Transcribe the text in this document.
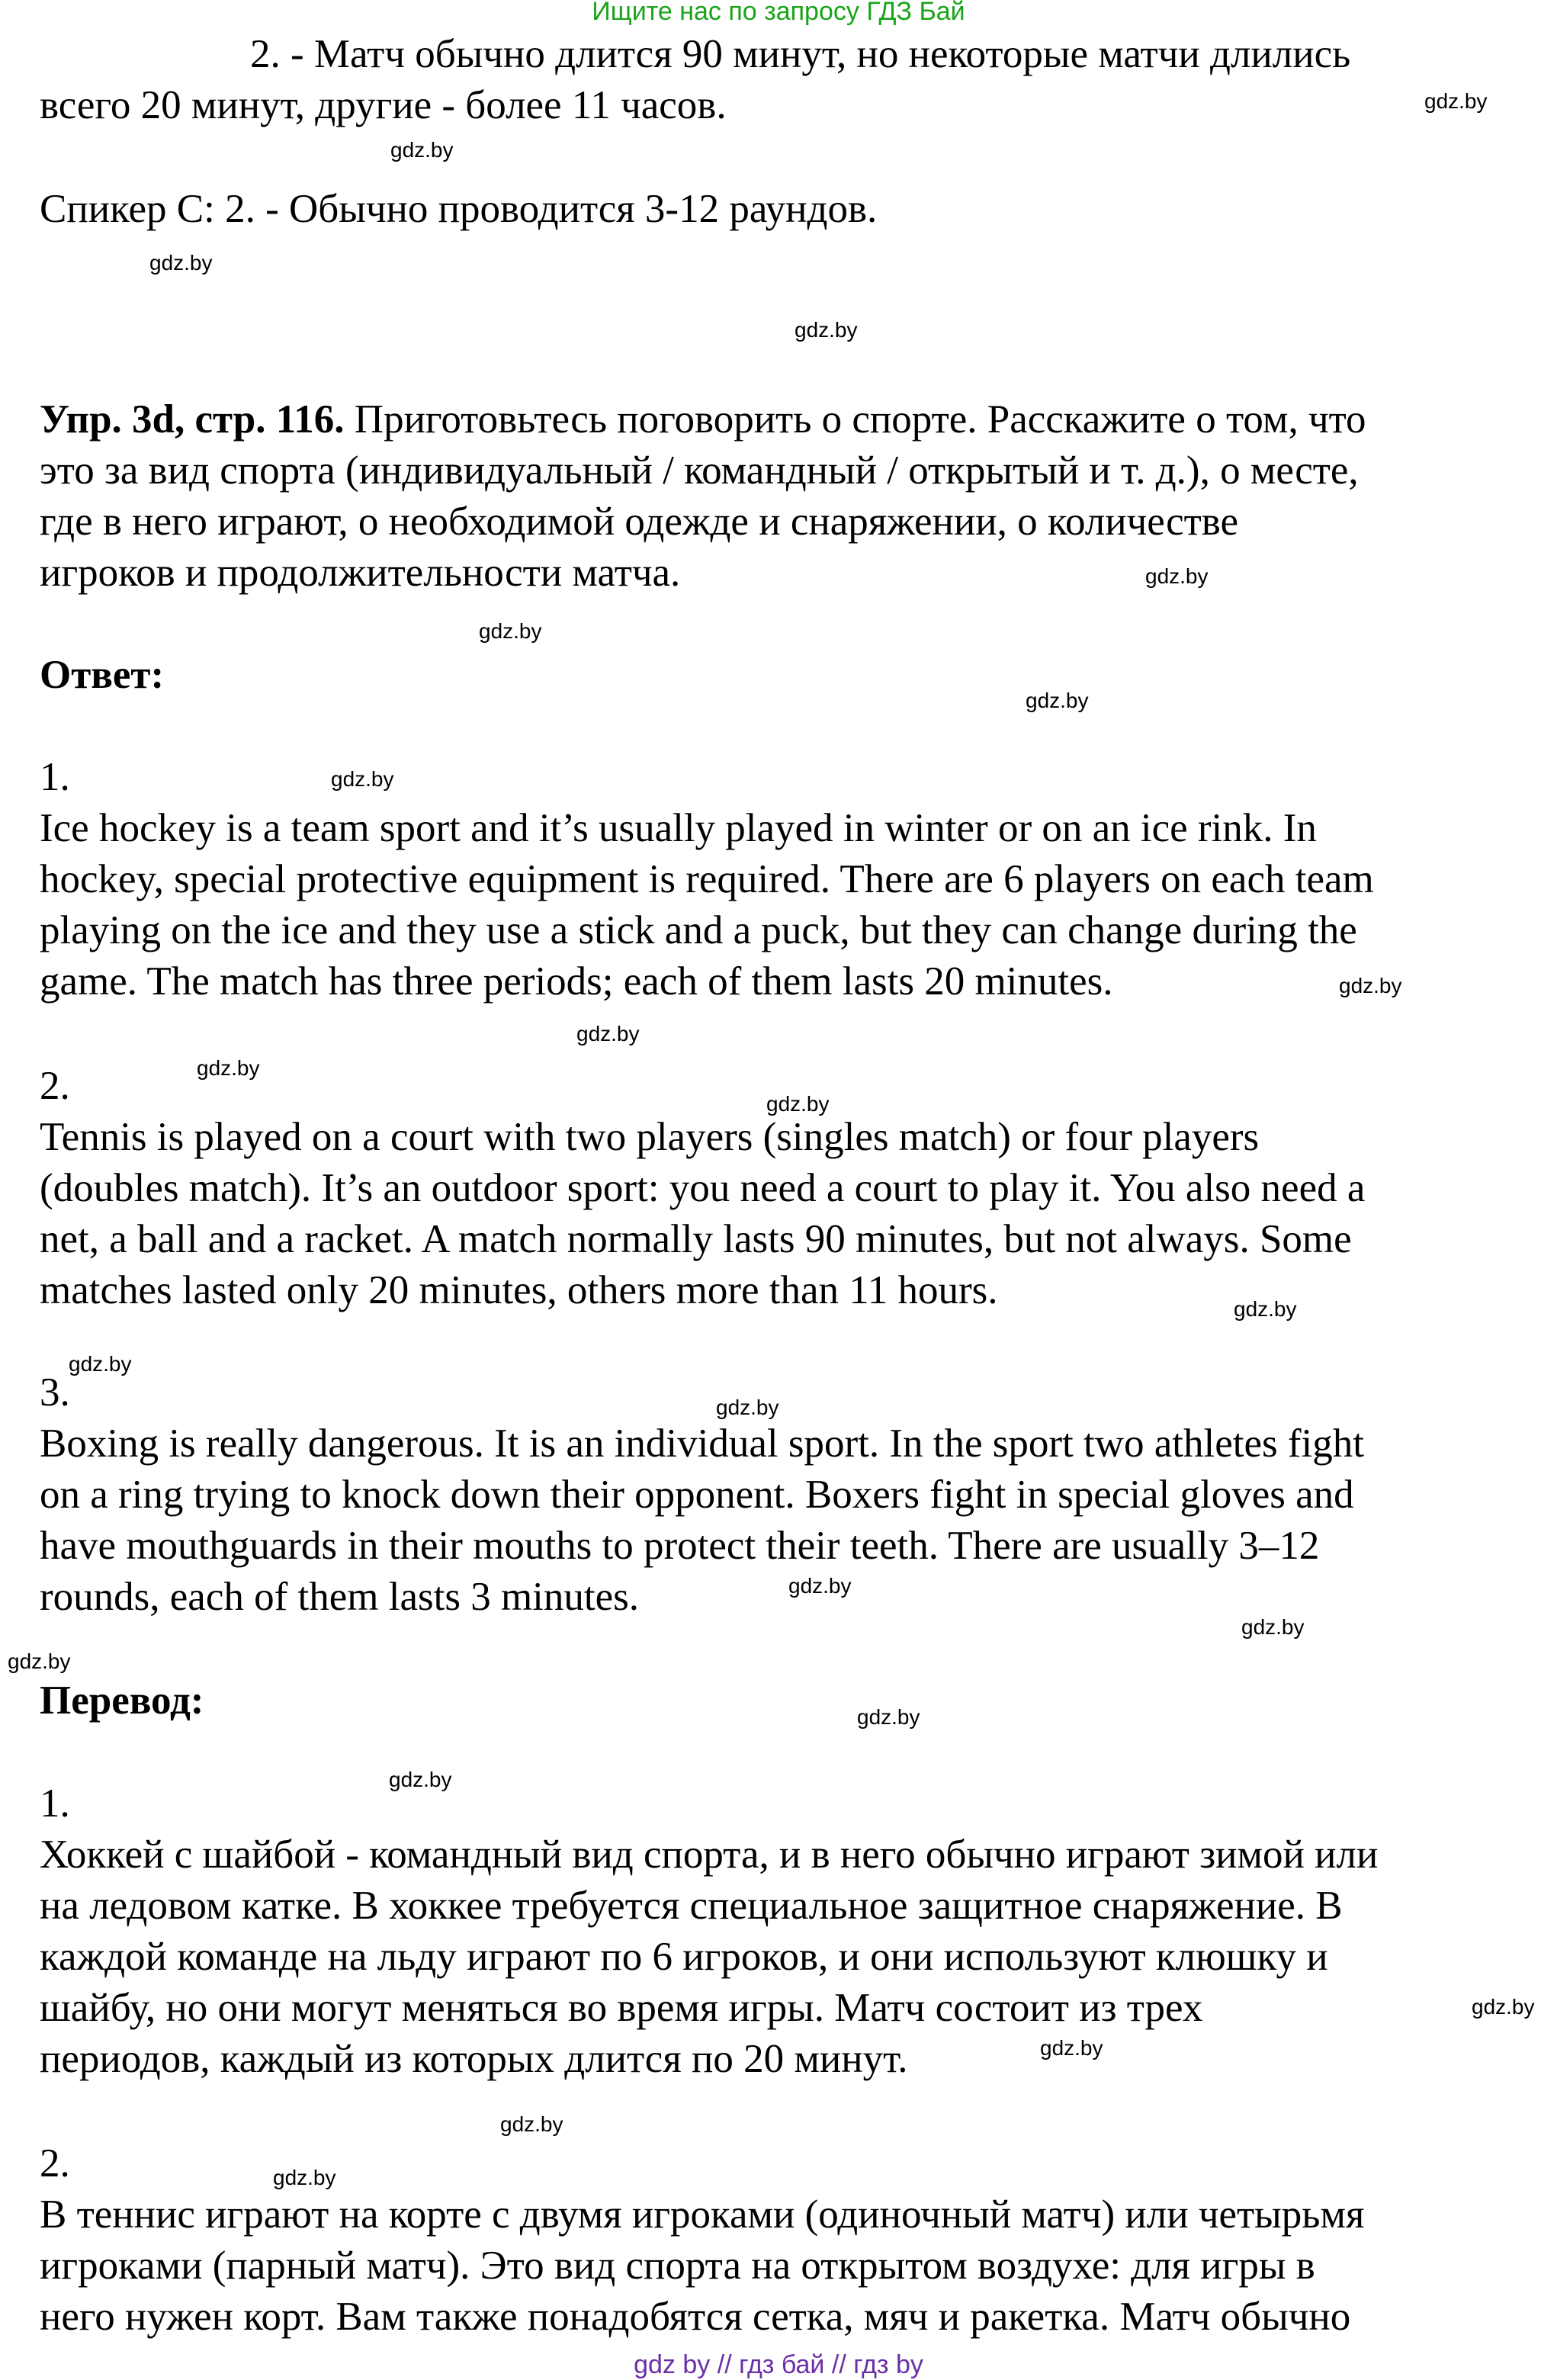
Ищите нас по запросу ГДЗ Бай
2. - Матч обычно длится 90 минут, но некоторые матчи длились
всего 20 минут, другие - более 11 часов.
Спикер С: 2. - Обычно проводится 3-12 раундов.
Упр. 3d, стр. 116. Приготовьтесь поговорить о спорте. Расскажите о том, что
это за вид спорта (индивидуальный / командный / открытый и т. д.), о месте,
где в него играют, о необходимой одежде и снаряжении, о количестве
игроков и продолжительности матча.
Ответ:
1.
Ice hockey is a team sport and it’s usually played in winter or on an ice rink. In
hockey, special protective equipment is required. There are 6 players on each team
playing on the ice and they use a stick and a puck, but they can change during the
game. The match has three periods; each of them lasts 20 minutes.
2.
Tennis is played on a court with two players (singles match) or four players
(doubles match). It’s an outdoor sport: you need a court to play it. You also need a
net, a ball and a racket. A match normally lasts 90 minutes, but not always. Some
matches lasted only 20 minutes, others more than 11 hours.
3.
Boxing is really dangerous. It is an individual sport. In the sport two athletes fight
on a ring trying to knock down their opponent. Boxers fight in special gloves and
have mouthguards in their mouths to protect their teeth. There are usually 3–12
rounds, each of them lasts 3 minutes.
Перевод:
1.
Хоккей с шайбой - командный вид спорта, и в него обычно играют зимой или
на ледовом катке. В хоккее требуется специальное защитное снаряжение. В
каждой команде на льду играют по 6 игроков, и они используют клюшку и
шайбу, но они могут меняться во время игры. Матч состоит из трех
периодов, каждый из которых длится по 20 минут.
2.
В теннис играют на корте с двумя игроками (одиночный матч) или четырьмя
игроками (парный матч). Это вид спорта на открытом воздухе: для игры в
него нужен корт. Вам также понадобятся сетка, мяч и ракетка. Матч обычно
gdz.by
gdz.by
gdz.by
gdz.by
gdz.by
gdz.by
gdz.by
gdz.by
gdz.by
gdz.by
gdz.by
gdz.by
gdz.by
gdz.by
gdz.by
gdz.by
gdz.by
gdz.by
gdz.by
gdz.by
gdz.by
gdz.by
gdz.by
gdz.by
gdz by // гдз бай // гдз by
